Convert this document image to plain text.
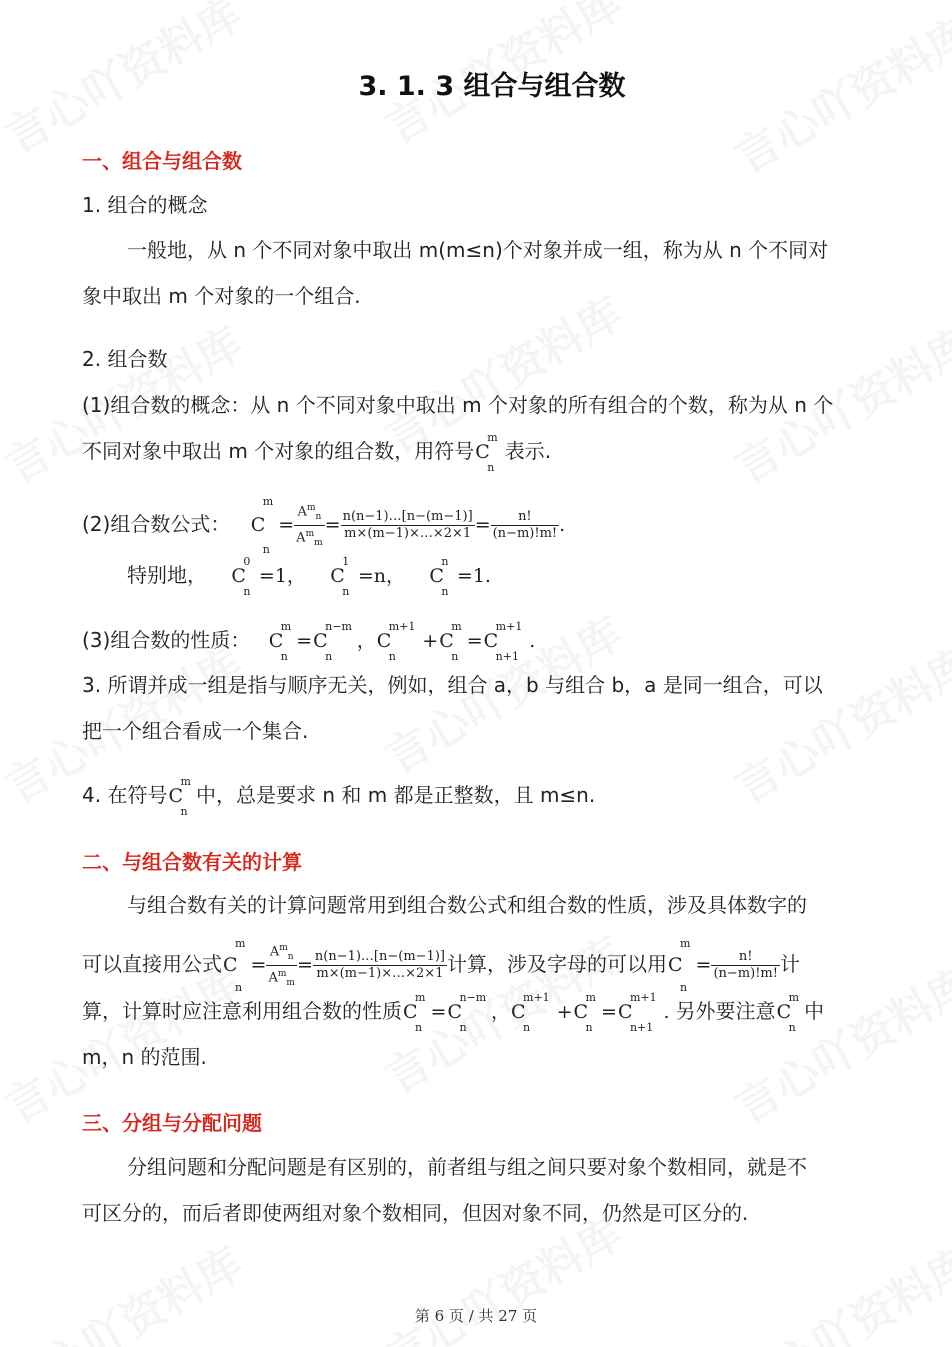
3. 1. 3 组合与组合数
一、组合与组合数
1. 组合的概念
一般地，从 n 个不同对象中取出 m(m≤n)个对象并成一组，称为从 n 个不同对
象中取出 m 个对象的一个组合.
2. 组合数
(1)组合数的概念：从 n 个不同对象中取出 m 个对象的所有组合的个数，称为从 n 个
不同对象中取出 m 个对象的组合数，用符号C
m
n
表示.
(2)组合数公式： C
m
n
= $\frac{A^m_n}{A^m_m} = \frac{n(n-1)\dots[n-(m-1)]}{m\times(m-1)\times\dots\times 2\times 1} = \frac{n!}{(n-m)!m!}$ .
特别地， C
0
n
=1， C
1
n
=n， C
n
n
=1.
(3)组合数的性质： C
m
n
=C
n−m
n
，C
m+1
n
+C
m
n
=C
m+1
n+1
.
3. 所谓并成一组是指与顺序无关，例如，组合 a，b 与组合 b，a 是同一组合，可以
把一个组合看成一个集合.
4. 在符号C
m
n
中，总是要求 n 和 m 都是正整数，且 m≤n.
二、与组合数有关的计算
与组合数有关的计算问题常用到组合数公式和组合数的性质，涉及具体数字的
可以直接用公式C
m
n
= $\frac{A^m_n}{A^m_m} = \frac{n(n-1)\dots[n-(m-1)]}{m\times(m-1)\times\dots\times 2\times 1}$ 计算，涉及字母的可以用C
m
n
= $\frac{n!}{(n-m)!m!}$ 计
算，计算时应注意利用组合数的性质C
m
n
=C
n−m
n
，C
m+1
n
+C
m
n
=C
m+1
n+1
. 另外要注意C
m
n
中
m，n 的范围.
三、分组与分配问题
分组问题和分配问题是有区别的，前者组与组之间只要对象个数相同，就是不
可区分的，而后者即使两组对象个数相同，但因对象不同，仍然是可区分的.
第 6 页 / 共 27 页
